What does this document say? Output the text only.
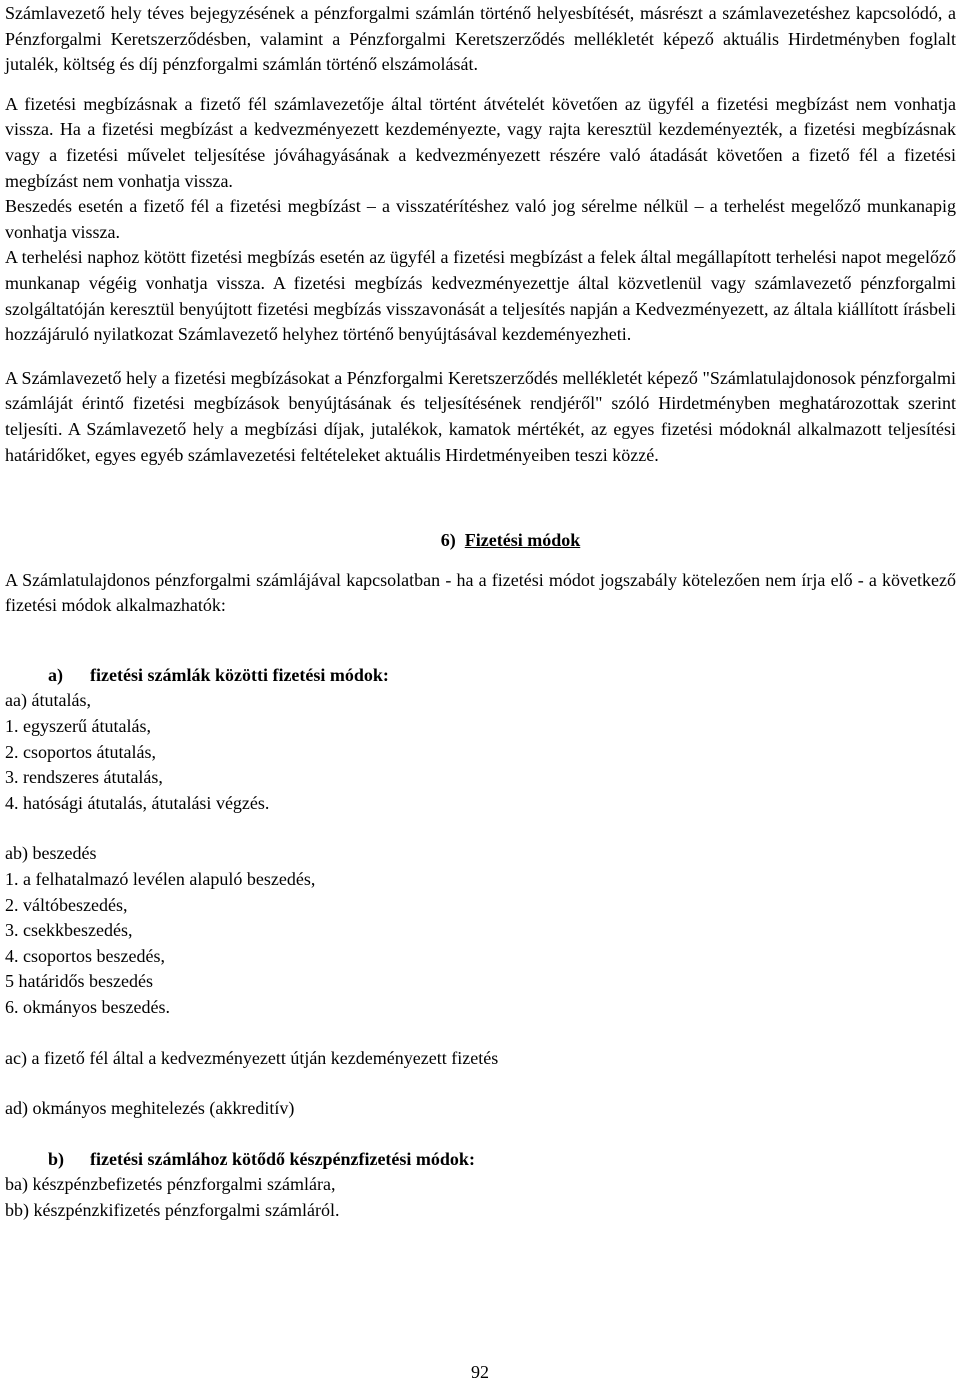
Számlavezető hely téves bejegyzésének a pénzforgalmi számlán történő helyesbítését, másrészt a számlavezetéshez kapcsolódó, a Pénzforgalmi Keretszerződésben, valamint a Pénzforgalmi Keretszerződés mellékletét képező aktuális Hirdetményben foglalt jutalék, költség és díj pénzforgalmi számlán történő elszámolását.

A fizetési megbízásnak a fizető fél számlavezetője által történt átvételét követően az ügyfél a fizetési megbízást nem vonhatja vissza. Ha a fizetési megbízást a kedvezményezett kezdeményezte, vagy rajta keresztül kezdeményezték, a fizetési megbízásnak vagy a fizetési művelet teljesítése jóváhagyásának a kedvezményezett részére való átadását követően a fizető fél a fizetési megbízást nem vonhatja vissza.

Beszedés esetén a fizető fél a fizetési megbízást – a visszatérítéshez való jog sérelme nélkül – a terhelést megelőző munkanapig vonhatja vissza.

A terhelési naphoz kötött fizetési megbízás esetén az ügyfél a fizetési megbízást a felek által megállapított terhelési napot megelőző munkanap végéig vonhatja vissza. A fizetési megbízás kedvezményezettje által közvetlenül vagy számlavezető pénzforgalmi szolgáltatóján keresztül benyújtott fizetési megbízás visszavonását a teljesítés napján a Kedvezményezett, az általa kiállított írásbeli hozzájáruló nyilatkozat Számlavezető helyhez történő benyújtásával kezdeményezheti.

A Számlavezető hely a fizetési megbízásokat a Pénzforgalmi Keretszerződés mellékletét képező "Számlatulajdonosok pénzforgalmi számláját érintő fizetési megbízások benyújtásának és teljesítésének rendjéről" szóló Hirdetményben meghatározottak szerint teljesíti. A Számlavezető hely a megbízási díjak, jutalékok, kamatok mértékét, az egyes fizetési módoknál alkalmazott teljesítési határidőket, egyes egyéb számlavezetési feltételeket aktuális Hirdetményeiben teszi közzé.

6) Fizetési módok

A Számlatulajdonos pénzforgalmi számlájával kapcsolatban - ha a fizetési módot jogszabály kötelezően nem írja elő - a következő fizetési módok alkalmazhatók:

a) fizetési számlák közötti fizetési módok:

aa) átutalás,

1. egyszerű átutalás,

2. csoportos átutalás,

3. rendszeres átutalás,

4. hatósági átutalás, átutalási végzés.

ab) beszedés

1. a felhatalmazó levélen alapuló beszedés,

2. váltóbeszedés,

3. csekkbeszedés,

4. csoportos beszedés,

5 határidős beszedés

6. okmányos beszedés.

ac) a fizető fél által a kedvezményezett útján kezdeményezett fizetés

ad) okmányos meghitelezés (akkreditív)

b) fizetési számlához kötődő készpénzfizetési módok:

ba) készpénzbefizetés pénzforgalmi számlára,

bb) készpénzkifizetés pénzforgalmi számláról.

92
